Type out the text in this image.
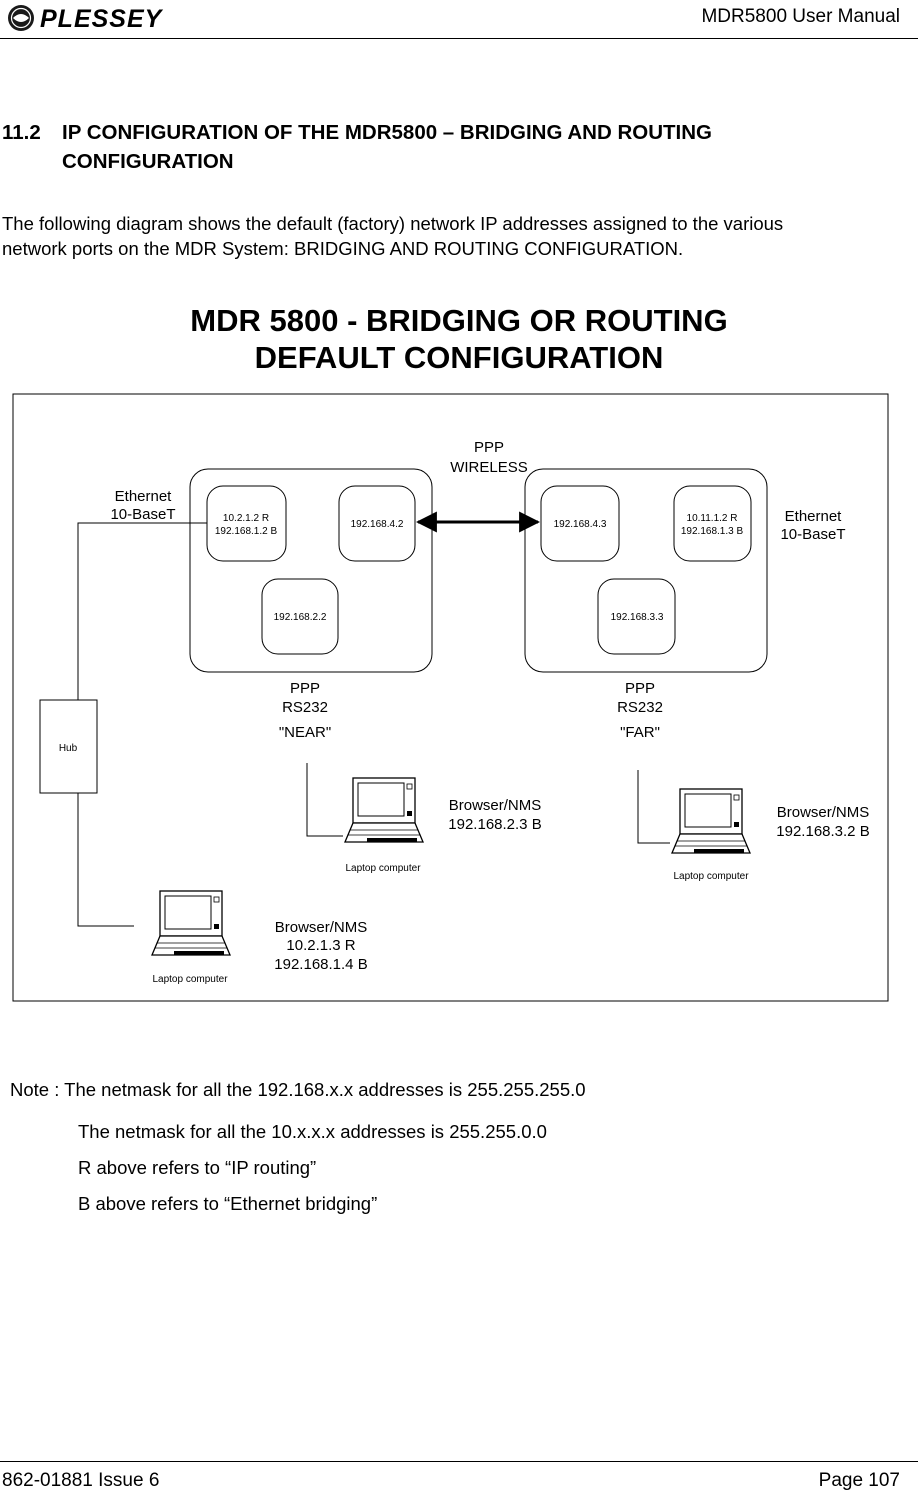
PLESSEY	MDR5800 User Manual
11.2 IP CONFIGURATION OF THE MDR5800 – BRIDGING AND ROUTING
CONFIGURATION
The following diagram shows the default (factory) network IP addresses assigned to the various
network ports on the MDR System: BRIDGING AND ROUTING CONFIGURATION.
MDR 5800 - BRIDGING OR ROUTING
DEFAULT CONFIGURATION
PPP
WIRELESS
10.2.1.2 R
192.168.1.2 B
192.168.4.2
192.168.2.2
192.168.4.3
10.11.1.2 R
192.168.1.3 B
192.168.3.3
Ethernet
10-BaseT	Ethernet
10-BaseT
Hub
PPP
RS232
"NEAR"
PPP
RS232
"FAR"
Laptop computer
Browser/NMS
192.168.2.3 B
Laptop computer
Browser/NMS
192.168.3.2 B
Laptop computer
Browser/NMS
10.2.1.3 R
192.168.1.4 B
Note : The netmask for all the 192.168.x.x addresses is 255.255.255.0
The netmask for all the 10.x.x.x addresses is 255.255.0.0
R above refers to “IP routing”
B above refers to “Ethernet bridging”
862-01881 Issue 6	Page 107
